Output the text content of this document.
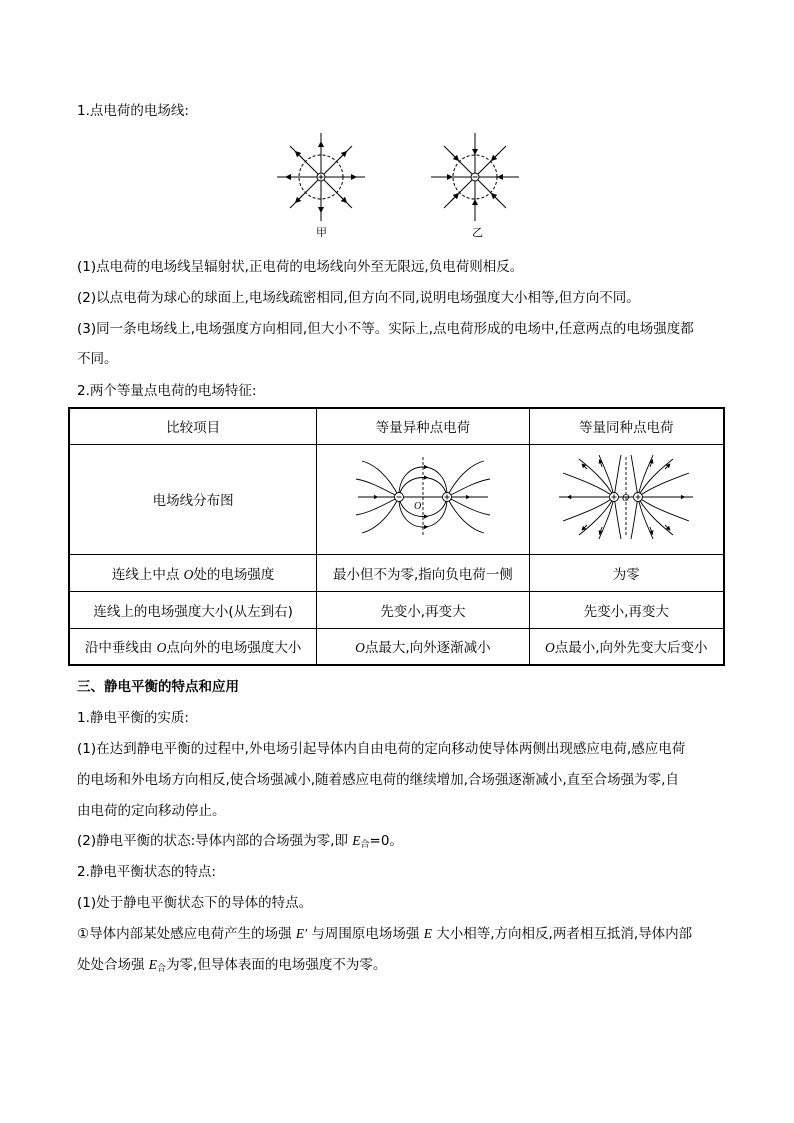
1.点电荷的电场线:
甲	乙
(1)点电荷的电场线呈辐射状,正电荷的电场线向外至无限远,负电荷则相反。
(2)以点电荷为球心的球面上,电场线疏密相同,但方向不同,说明电场强度大小相等,但方向不同。
(3)同一条电场线上,电场强度方向相同,但大小不等。实际上,点电荷形成的电场中,任意两点的电场强度都
不同。
2.两个等量点电荷的电场特征:
比较项目	等量异种点电荷	等量同种点电荷
电场线分布图	O	O

连线上中点 O处的电场强度	最小但不为零,指向负电荷一侧	为零
连线上的电场强度大小(从左到右)	先变小,再变大	先变小,再变大
沿中垂线由 O点向外的电场强度大小	O点最大,向外逐渐减小	O点最小,向外先变大后变小
三、静电平衡的特点和应用
1.静电平衡的实质:
(1)在达到静电平衡的过程中,外电场引起导体内自由电荷的定向移动使导体两侧出现感应电荷,感应电荷
的电场和外电场方向相反,使合场强减小,随着感应电荷的继续增加,合场强逐渐减小,直至合场强为零,自
由电荷的定向移动停止。
(2)静电平衡的状态:导体内部的合场强为零,即 $E_合=0$。
2.静电平衡状态的特点:
(1)处于静电平衡状态下的导体的特点。
①导体内部某处感应电荷产生的场强 E′ 与周围原电场场强 E 大小相等,方向相反,两者相互抵消,导体内部
处处合场强 $E_合$为零,但导体表面的电场强度不为零。
